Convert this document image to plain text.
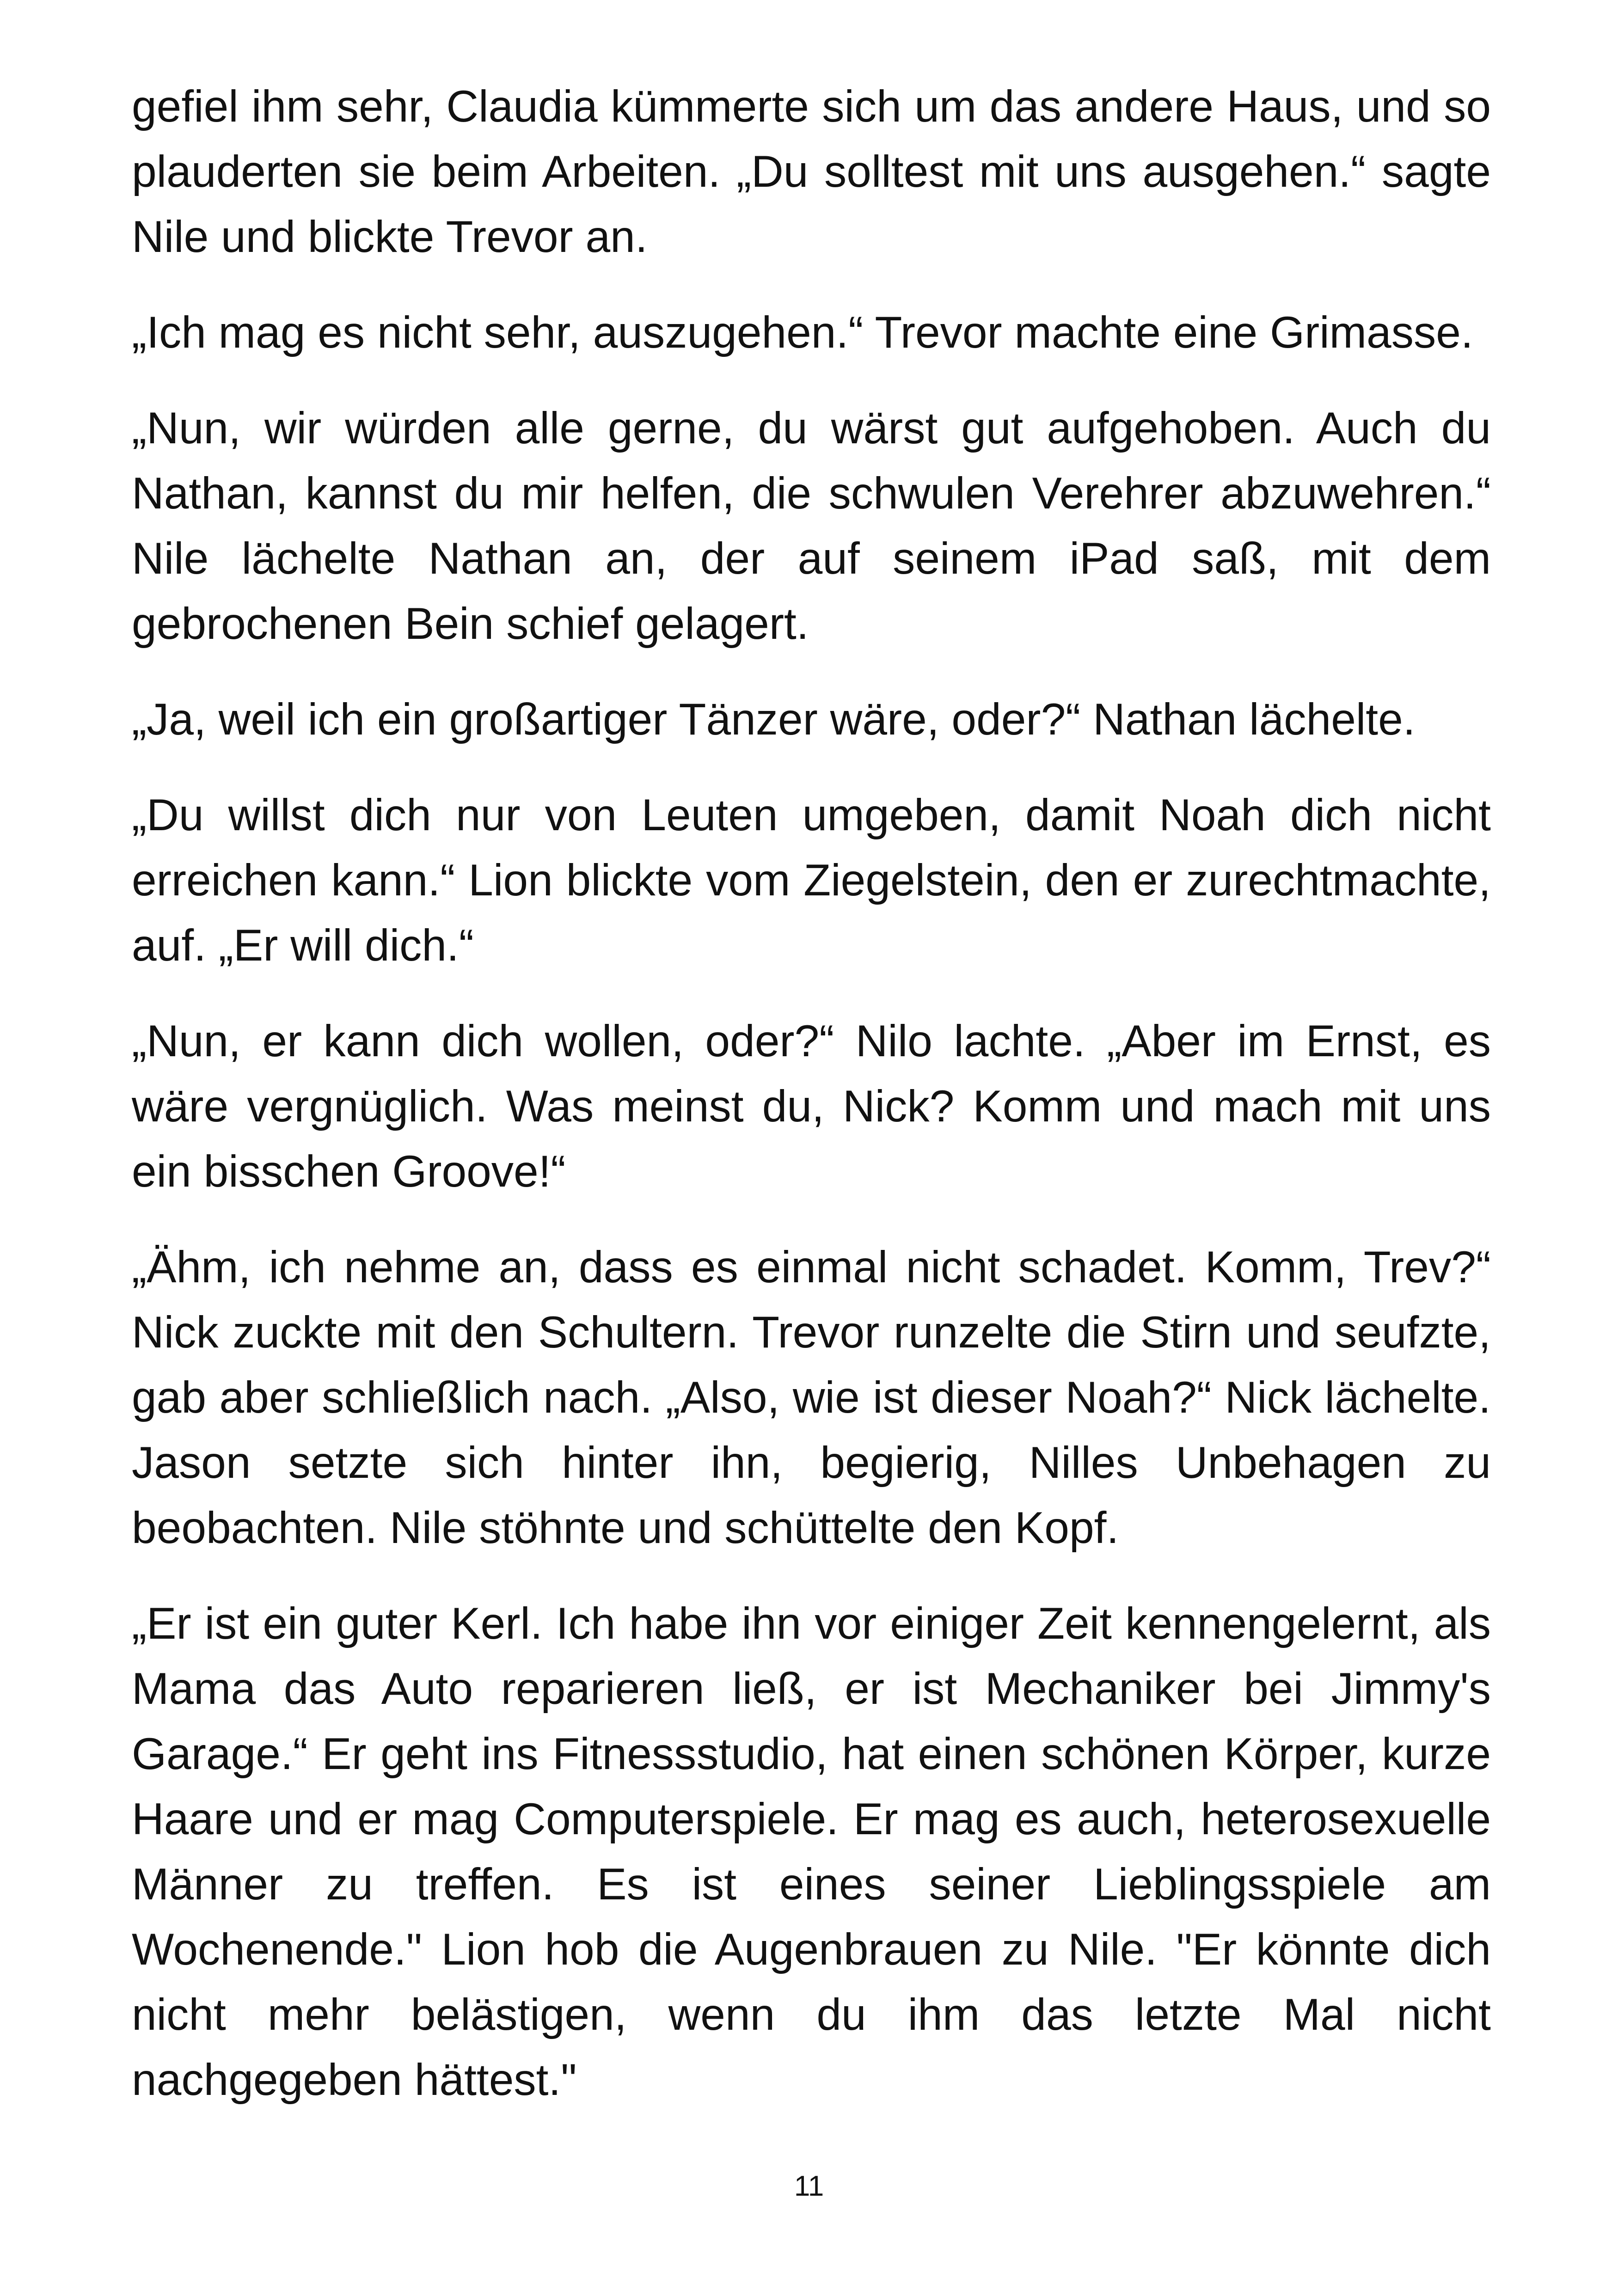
gefiel ihm sehr, Claudia kümmerte sich um das andere Haus, und so plauderten sie beim Arbeiten. „Du solltest mit uns ausgehen.“ sagte Nile und blickte Trevor an.

„Ich mag es nicht sehr, auszugehen.“ Trevor machte eine Grimasse.

„Nun, wir würden alle gerne, du wärst gut aufgehoben. Auch du Nathan, kannst du mir helfen, die schwulen Verehrer abzuwehren.“ Nile lächelte Nathan an, der auf seinem iPad saß, mit dem gebrochenen Bein schief gelagert.

„Ja, weil ich ein großartiger Tänzer wäre, oder?“ Nathan lächelte.

„Du willst dich nur von Leuten umgeben, damit Noah dich nicht erreichen kann.“ Lion blickte vom Ziegelstein, den er zurechtmachte, auf. „Er will dich.“

„Nun, er kann dich wollen, oder?“ Nilo lachte. „Aber im Ernst, es wäre vergnüglich. Was meinst du, Nick? Komm und mach mit uns ein bisschen Groove!“

„Ähm, ich nehme an, dass es einmal nicht schadet. Komm, Trev?“ Nick zuckte mit den Schultern. Trevor runzelte die Stirn und seufzte, gab aber schließlich nach. „Also, wie ist dieser Noah?“ Nick lächelte. Jason setzte sich hinter ihn, begierig, Nilles Unbehagen zu beobachten. Nile stöhnte und schüttelte den Kopf.

„Er ist ein guter Kerl. Ich habe ihn vor einiger Zeit kennengelernt, als Mama das Auto reparieren ließ, er ist Mechaniker bei Jimmy's Garage.“ Er geht ins Fitnessstudio, hat einen schönen Körper, kurze Haare und er mag Computerspiele. Er mag es auch, heterosexuelle Männer zu treffen. Es ist eines seiner Lieblingsspiele am Wochenende." Lion hob die Augenbrauen zu Nile. "Er könnte dich nicht mehr belästigen, wenn du ihm das letzte Mal nicht nachgegeben hättest."

11
